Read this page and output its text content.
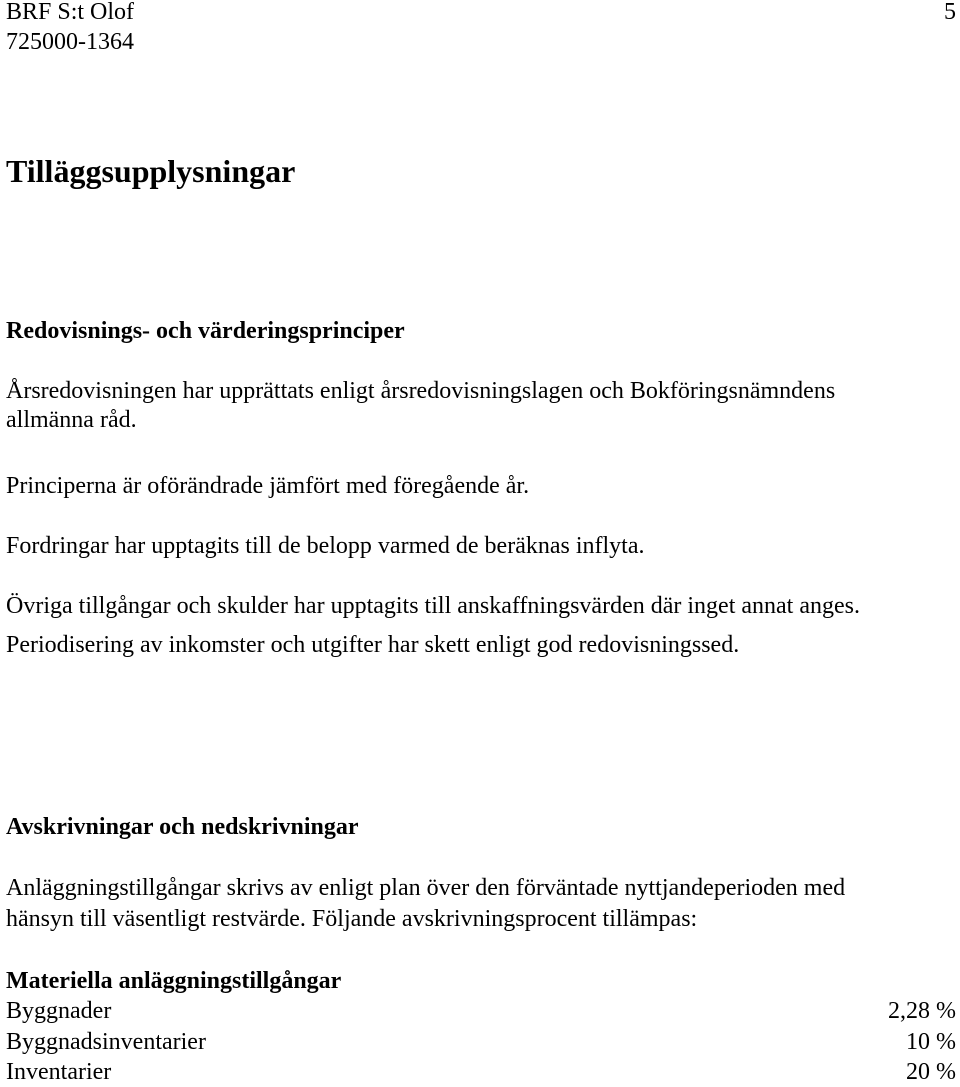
BRF S:t Olof
725000-1364
5
Tilläggsupplysningar
Redovisnings- och värderingsprinciper
Årsredovisningen har upprättats enligt årsredovisningslagen och Bokföringsnämndens
allmänna råd.
Principerna är oförändrade jämfört med föregående år.
Fordringar har upptagits till de belopp varmed de beräknas inflyta.
Övriga tillgångar och skulder har upptagits till anskaffningsvärden där inget annat anges.
Periodisering av inkomster och utgifter har skett enligt god redovisningssed.
Avskrivningar och nedskrivningar
Anläggningstillgångar skrivs av enligt plan över den förväntade nyttjandeperioden med
hänsyn till väsentligt restvärde. Följande avskrivningsprocent tillämpas:
Materiella anläggningstillgångar
Byggnader	2,28 %
Byggnadsinventarier	10 %
Inventarier	20 %
